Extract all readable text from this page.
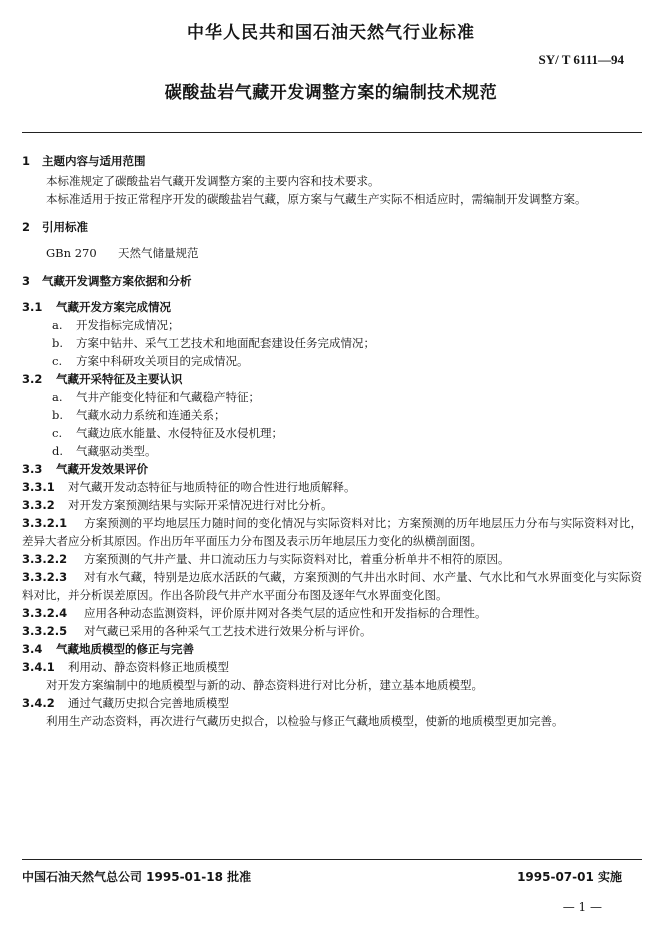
中华人民共和国石油天然气行业标准
SY/ T 6111—94
碳酸盐岩气藏开发调整方案的编制技术规范

1 主题内容与适用范围

本标准规定了碳酸盐岩气藏开发调整方案的主要内容和技术要求。

本标准适用于按正常程序开发的碳酸盐岩气藏，原方案与气藏生产实际不相适应时，需编制开发调整方案。

2 引用标准

GBn 270 天然气储量规范

3 气藏开发调整方案依据和分析

3.1 气藏开发方案完成情况

a. 开发指标完成情况；

b. 方案中钻井、采气工艺技术和地面配套建设任务完成情况；

c. 方案中科研攻关项目的完成情况。

3.2 气藏开采特征及主要认识

a. 气井产能变化特征和气藏稳产特征；

b. 气藏水动力系统和连通关系；

c. 气藏边底水能量、水侵特征及水侵机理；

d. 气藏驱动类型。

3.3 气藏开发效果评价

3.3.1 对气藏开发动态特征与地质特征的吻合性进行地质解释。

3.3.2 对开发方案预测结果与实际开采情况进行对比分析。

3.3.2.1 方案预测的平均地层压力随时间的变化情况与实际资料对比；方案预测的历年地层压力分布与实际资料对比，差异大者应分析其原因。作出历年平面压力分布图及表示历年地层压力变化的纵横剖面图。

3.3.2.2 方案预测的气井产量、井口流动压力与实际资料对比，着重分析单井不相符的原因。

3.3.2.3 对有水气藏，特别是边底水活跃的气藏，方案预测的气井出水时间、水产量、气水比和气水界面变化与实际资料对比，并分析误差原因。作出各阶段气井产水平面分布图及逐年气水界面变化图。

3.3.2.4 应用各种动态监测资料，评价原井网对各类气层的适应性和开发指标的合理性。

3.3.2.5 对气藏已采用的各种采气工艺技术进行效果分析与评价。

3.4 气藏地质模型的修正与完善

3.4.1 利用动、静态资料修正地质模型

对开发方案编制中的地质模型与新的动、静态资料进行对比分析，建立基本地质模型。

3.4.2 通过气藏历史拟合完善地质模型

利用生产动态资料，再次进行气藏历史拟合，以检验与修正气藏地质模型，使新的地质模型更加完善。

中国石油天然气总公司 1995-01-18 批准	1995-07-01 实施
— 1 —
